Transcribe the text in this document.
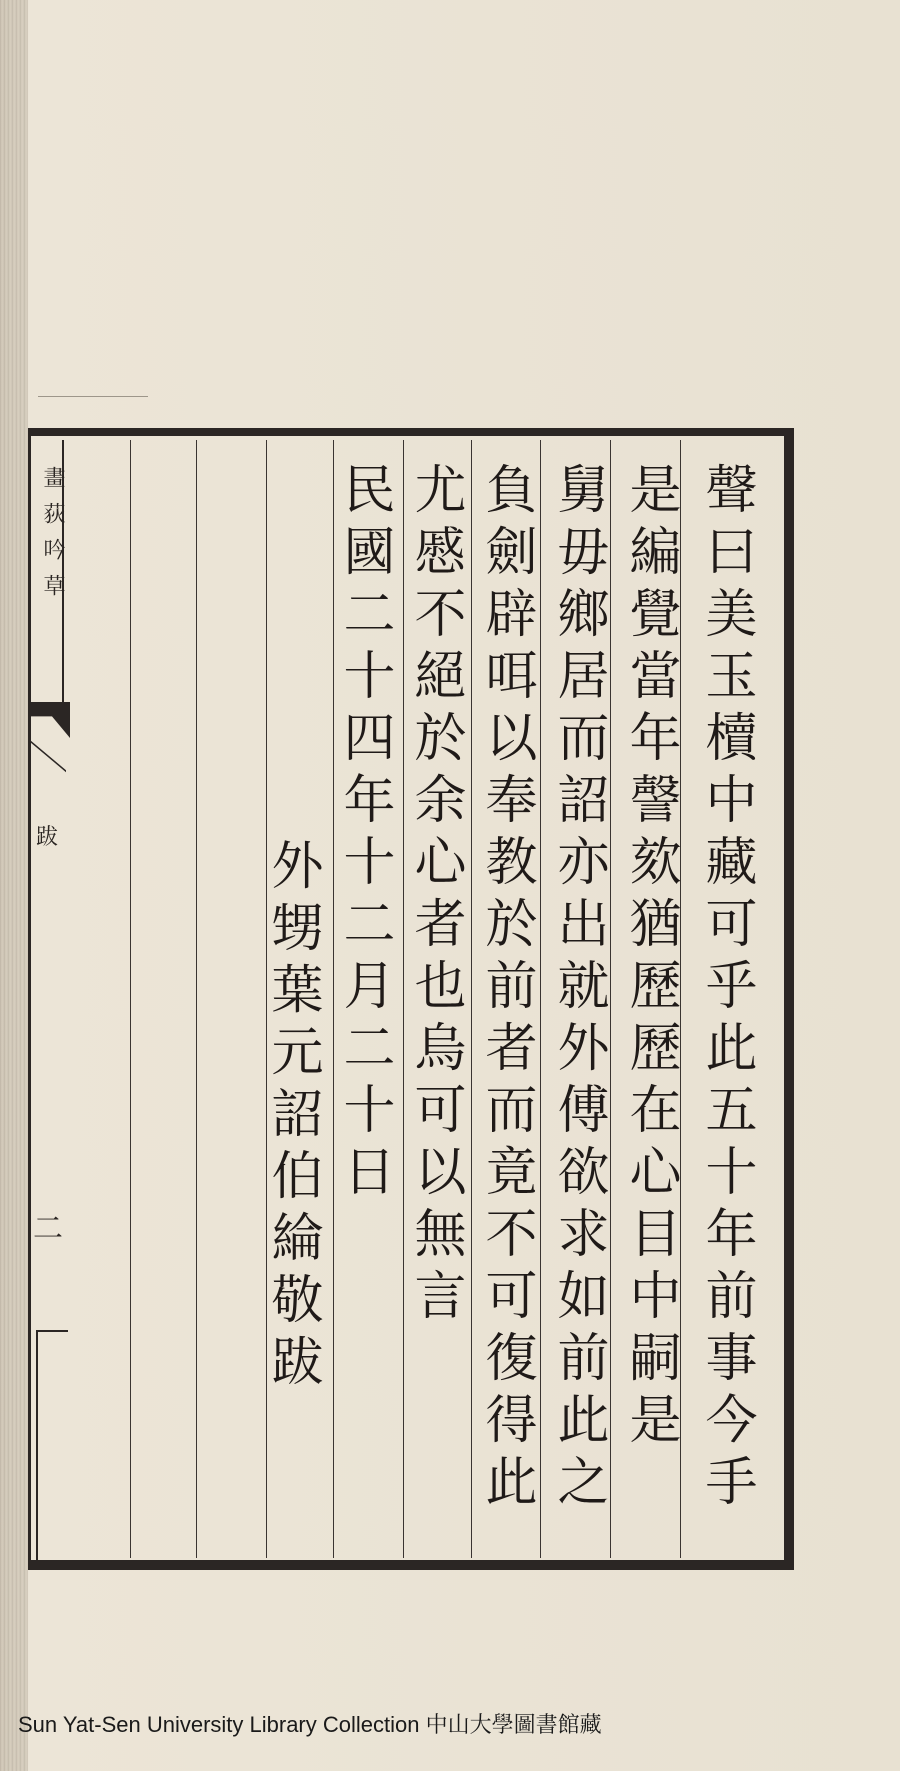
聲曰美玉櫝中藏可乎此五十年前事今手
是編覺當年謦欬猶歷歷在心目中嗣是
舅毋鄉居而詔亦出就外傅欲求如前此之
負劍辟咡以奉教於前者而竟不可復得此
尤慼不絕於余心者也烏可以無言
民國二十四年十二月二十日
外甥葉元詔伯綸敬跋
畫荻吟草
跋
二
Sun Yat-Sen University Library Collection 中山大學圖書館藏
